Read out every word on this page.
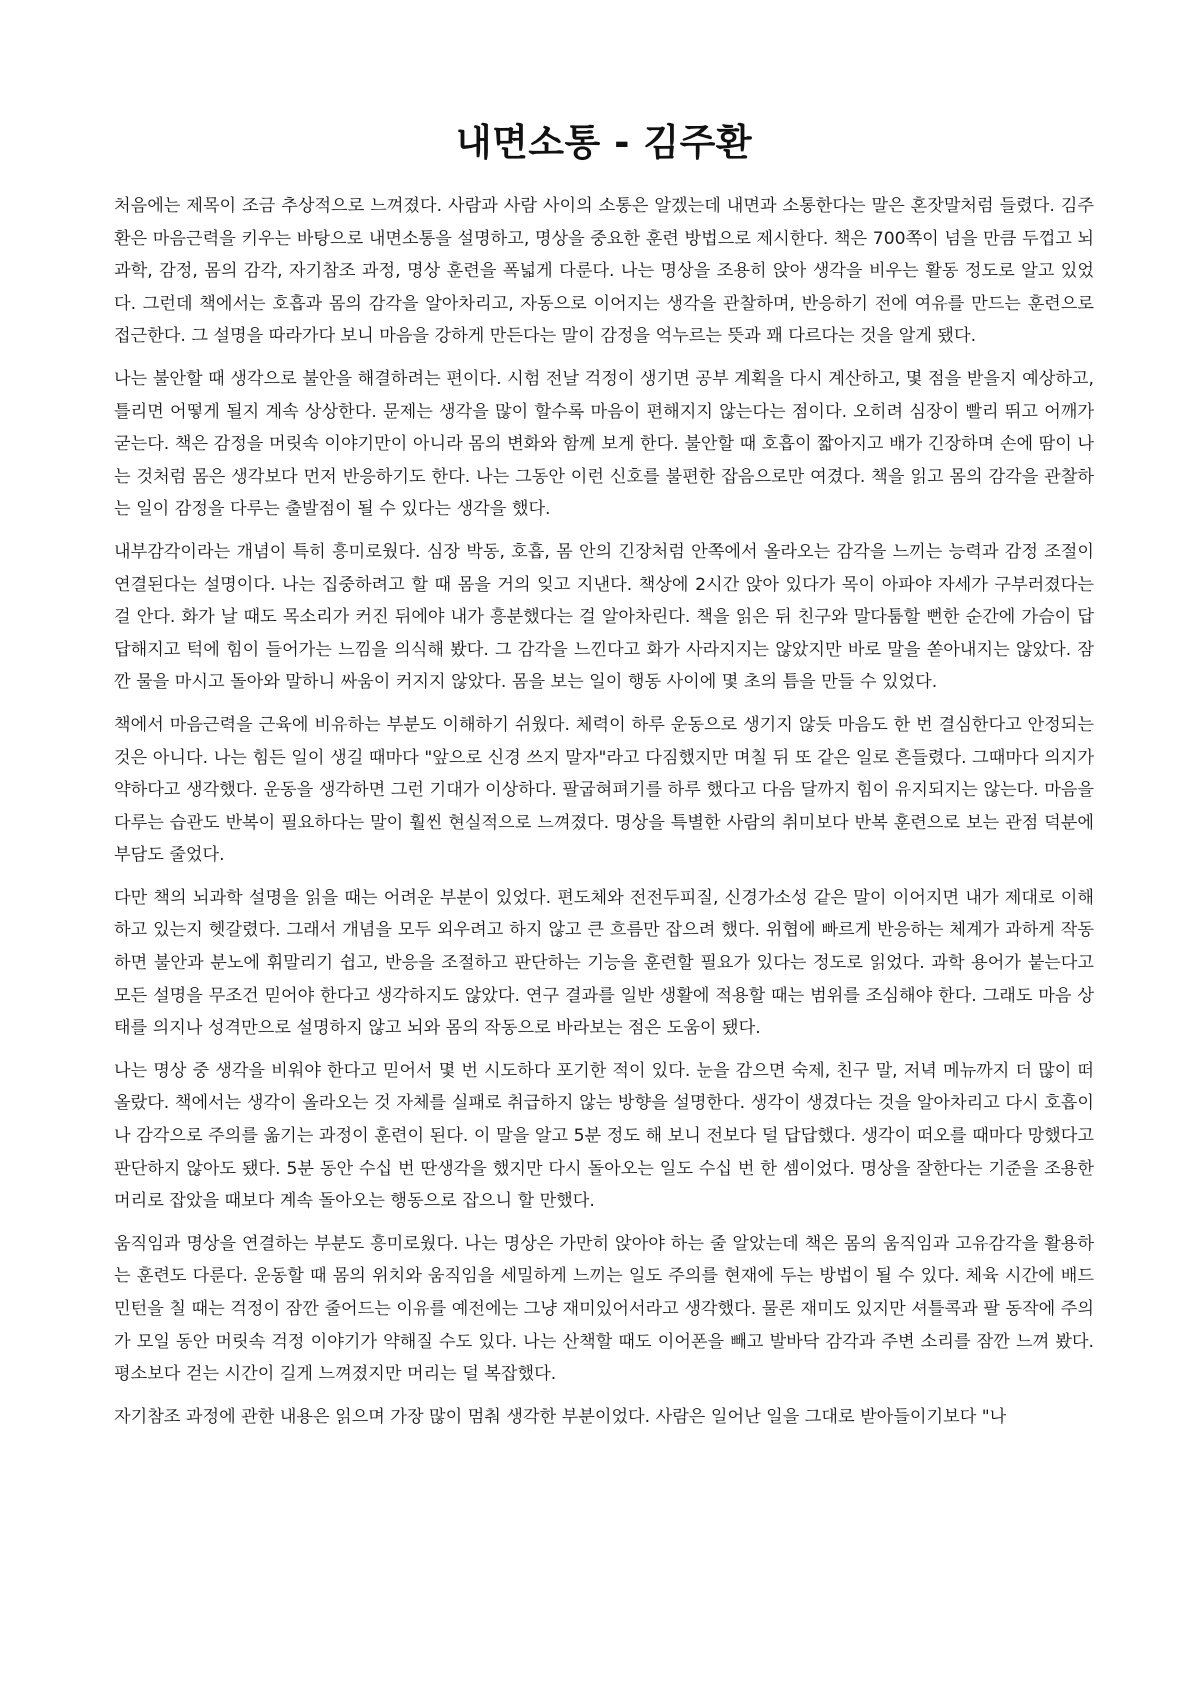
내면소통 - 김주환

처음에는 제목이 조금 추상적으로 느껴졌다. 사람과 사람 사이의 소통은 알겠는데 내면과 소통한다는 말은 혼잣말처럼 들렸다. 김주환은 마음근력을 키우는 바탕으로 내면소통을 설명하고, 명상을 중요한 훈련 방법으로 제시한다. 책은 700쪽이 넘을 만큼 두껍고 뇌과학, 감정, 몸의 감각, 자기참조 과정, 명상 훈련을 폭넓게 다룬다. 나는 명상을 조용히 앉아 생각을 비우는 활동 정도로 알고 있었다. 그런데 책에서는 호흡과 몸의 감각을 알아차리고, 자동으로 이어지는 생각을 관찰하며, 반응하기 전에 여유를 만드는 훈련으로 접근한다. 그 설명을 따라가다 보니 마음을 강하게 만든다는 말이 감정을 억누르는 뜻과 꽤 다르다는 것을 알게 됐다.

나는 불안할 때 생각으로 불안을 해결하려는 편이다. 시험 전날 걱정이 생기면 공부 계획을 다시 계산하고, 몇 점을 받을지 예상하고, 틀리면 어떻게 될지 계속 상상한다. 문제는 생각을 많이 할수록 마음이 편해지지 않는다는 점이다. 오히려 심장이 빨리 뛰고 어깨가 굳는다. 책은 감정을 머릿속 이야기만이 아니라 몸의 변화와 함께 보게 한다. 불안할 때 호흡이 짧아지고 배가 긴장하며 손에 땀이 나는 것처럼 몸은 생각보다 먼저 반응하기도 한다. 나는 그동안 이런 신호를 불편한 잡음으로만 여겼다. 책을 읽고 몸의 감각을 관찰하는 일이 감정을 다루는 출발점이 될 수 있다는 생각을 했다.

내부감각이라는 개념이 특히 흥미로웠다. 심장 박동, 호흡, 몸 안의 긴장처럼 안쪽에서 올라오는 감각을 느끼는 능력과 감정 조절이 연결된다는 설명이다. 나는 집중하려고 할 때 몸을 거의 잊고 지낸다. 책상에 2시간 앉아 있다가 목이 아파야 자세가 구부러졌다는 걸 안다. 화가 날 때도 목소리가 커진 뒤에야 내가 흥분했다는 걸 알아차린다. 책을 읽은 뒤 친구와 말다툼할 뻔한 순간에 가슴이 답답해지고 턱에 힘이 들어가는 느낌을 의식해 봤다. 그 감각을 느낀다고 화가 사라지지는 않았지만 바로 말을 쏟아내지는 않았다. 잠깐 물을 마시고 돌아와 말하니 싸움이 커지지 않았다. 몸을 보는 일이 행동 사이에 몇 초의 틈을 만들 수 있었다.

책에서 마음근력을 근육에 비유하는 부분도 이해하기 쉬웠다. 체력이 하루 운동으로 생기지 않듯 마음도 한 번 결심한다고 안정되는 것은 아니다. 나는 힘든 일이 생길 때마다 "앞으로 신경 쓰지 말자"라고 다짐했지만 며칠 뒤 또 같은 일로 흔들렸다. 그때마다 의지가 약하다고 생각했다. 운동을 생각하면 그런 기대가 이상하다. 팔굽혀펴기를 하루 했다고 다음 달까지 힘이 유지되지는 않는다. 마음을 다루는 습관도 반복이 필요하다는 말이 훨씬 현실적으로 느껴졌다. 명상을 특별한 사람의 취미보다 반복 훈련으로 보는 관점 덕분에 부담도 줄었다.

다만 책의 뇌과학 설명을 읽을 때는 어려운 부분이 있었다. 편도체와 전전두피질, 신경가소성 같은 말이 이어지면 내가 제대로 이해하고 있는지 헷갈렸다. 그래서 개념을 모두 외우려고 하지 않고 큰 흐름만 잡으려 했다. 위협에 빠르게 반응하는 체계가 과하게 작동하면 불안과 분노에 휘말리기 쉽고, 반응을 조절하고 판단하는 기능을 훈련할 필요가 있다는 정도로 읽었다. 과학 용어가 붙는다고 모든 설명을 무조건 믿어야 한다고 생각하지도 않았다. 연구 결과를 일반 생활에 적용할 때는 범위를 조심해야 한다. 그래도 마음 상태를 의지나 성격만으로 설명하지 않고 뇌와 몸의 작동으로 바라보는 점은 도움이 됐다.

나는 명상 중 생각을 비워야 한다고 믿어서 몇 번 시도하다 포기한 적이 있다. 눈을 감으면 숙제, 친구 말, 저녁 메뉴까지 더 많이 떠올랐다. 책에서는 생각이 올라오는 것 자체를 실패로 취급하지 않는 방향을 설명한다. 생각이 생겼다는 것을 알아차리고 다시 호흡이나 감각으로 주의를 옮기는 과정이 훈련이 된다. 이 말을 알고 5분 정도 해 보니 전보다 덜 답답했다. 생각이 떠오를 때마다 망했다고 판단하지 않아도 됐다. 5분 동안 수십 번 딴생각을 했지만 다시 돌아오는 일도 수십 번 한 셈이었다. 명상을 잘한다는 기준을 조용한 머리로 잡았을 때보다 계속 돌아오는 행동으로 잡으니 할 만했다.

움직임과 명상을 연결하는 부분도 흥미로웠다. 나는 명상은 가만히 앉아야 하는 줄 알았는데 책은 몸의 움직임과 고유감각을 활용하는 훈련도 다룬다. 운동할 때 몸의 위치와 움직임을 세밀하게 느끼는 일도 주의를 현재에 두는 방법이 될 수 있다. 체육 시간에 배드민턴을 칠 때는 걱정이 잠깐 줄어드는 이유를 예전에는 그냥 재미있어서라고 생각했다. 물론 재미도 있지만 셔틀콕과 팔 동작에 주의가 모일 동안 머릿속 걱정 이야기가 약해질 수도 있다. 나는 산책할 때도 이어폰을 빼고 발바닥 감각과 주변 소리를 잠깐 느껴 봤다. 평소보다 걷는 시간이 길게 느껴졌지만 머리는 덜 복잡했다.

자기참조 과정에 관한 내용은 읽으며 가장 많이 멈춰 생각한 부분이었다. 사람은 일어난 일을 그대로 받아들이기보다 "나
